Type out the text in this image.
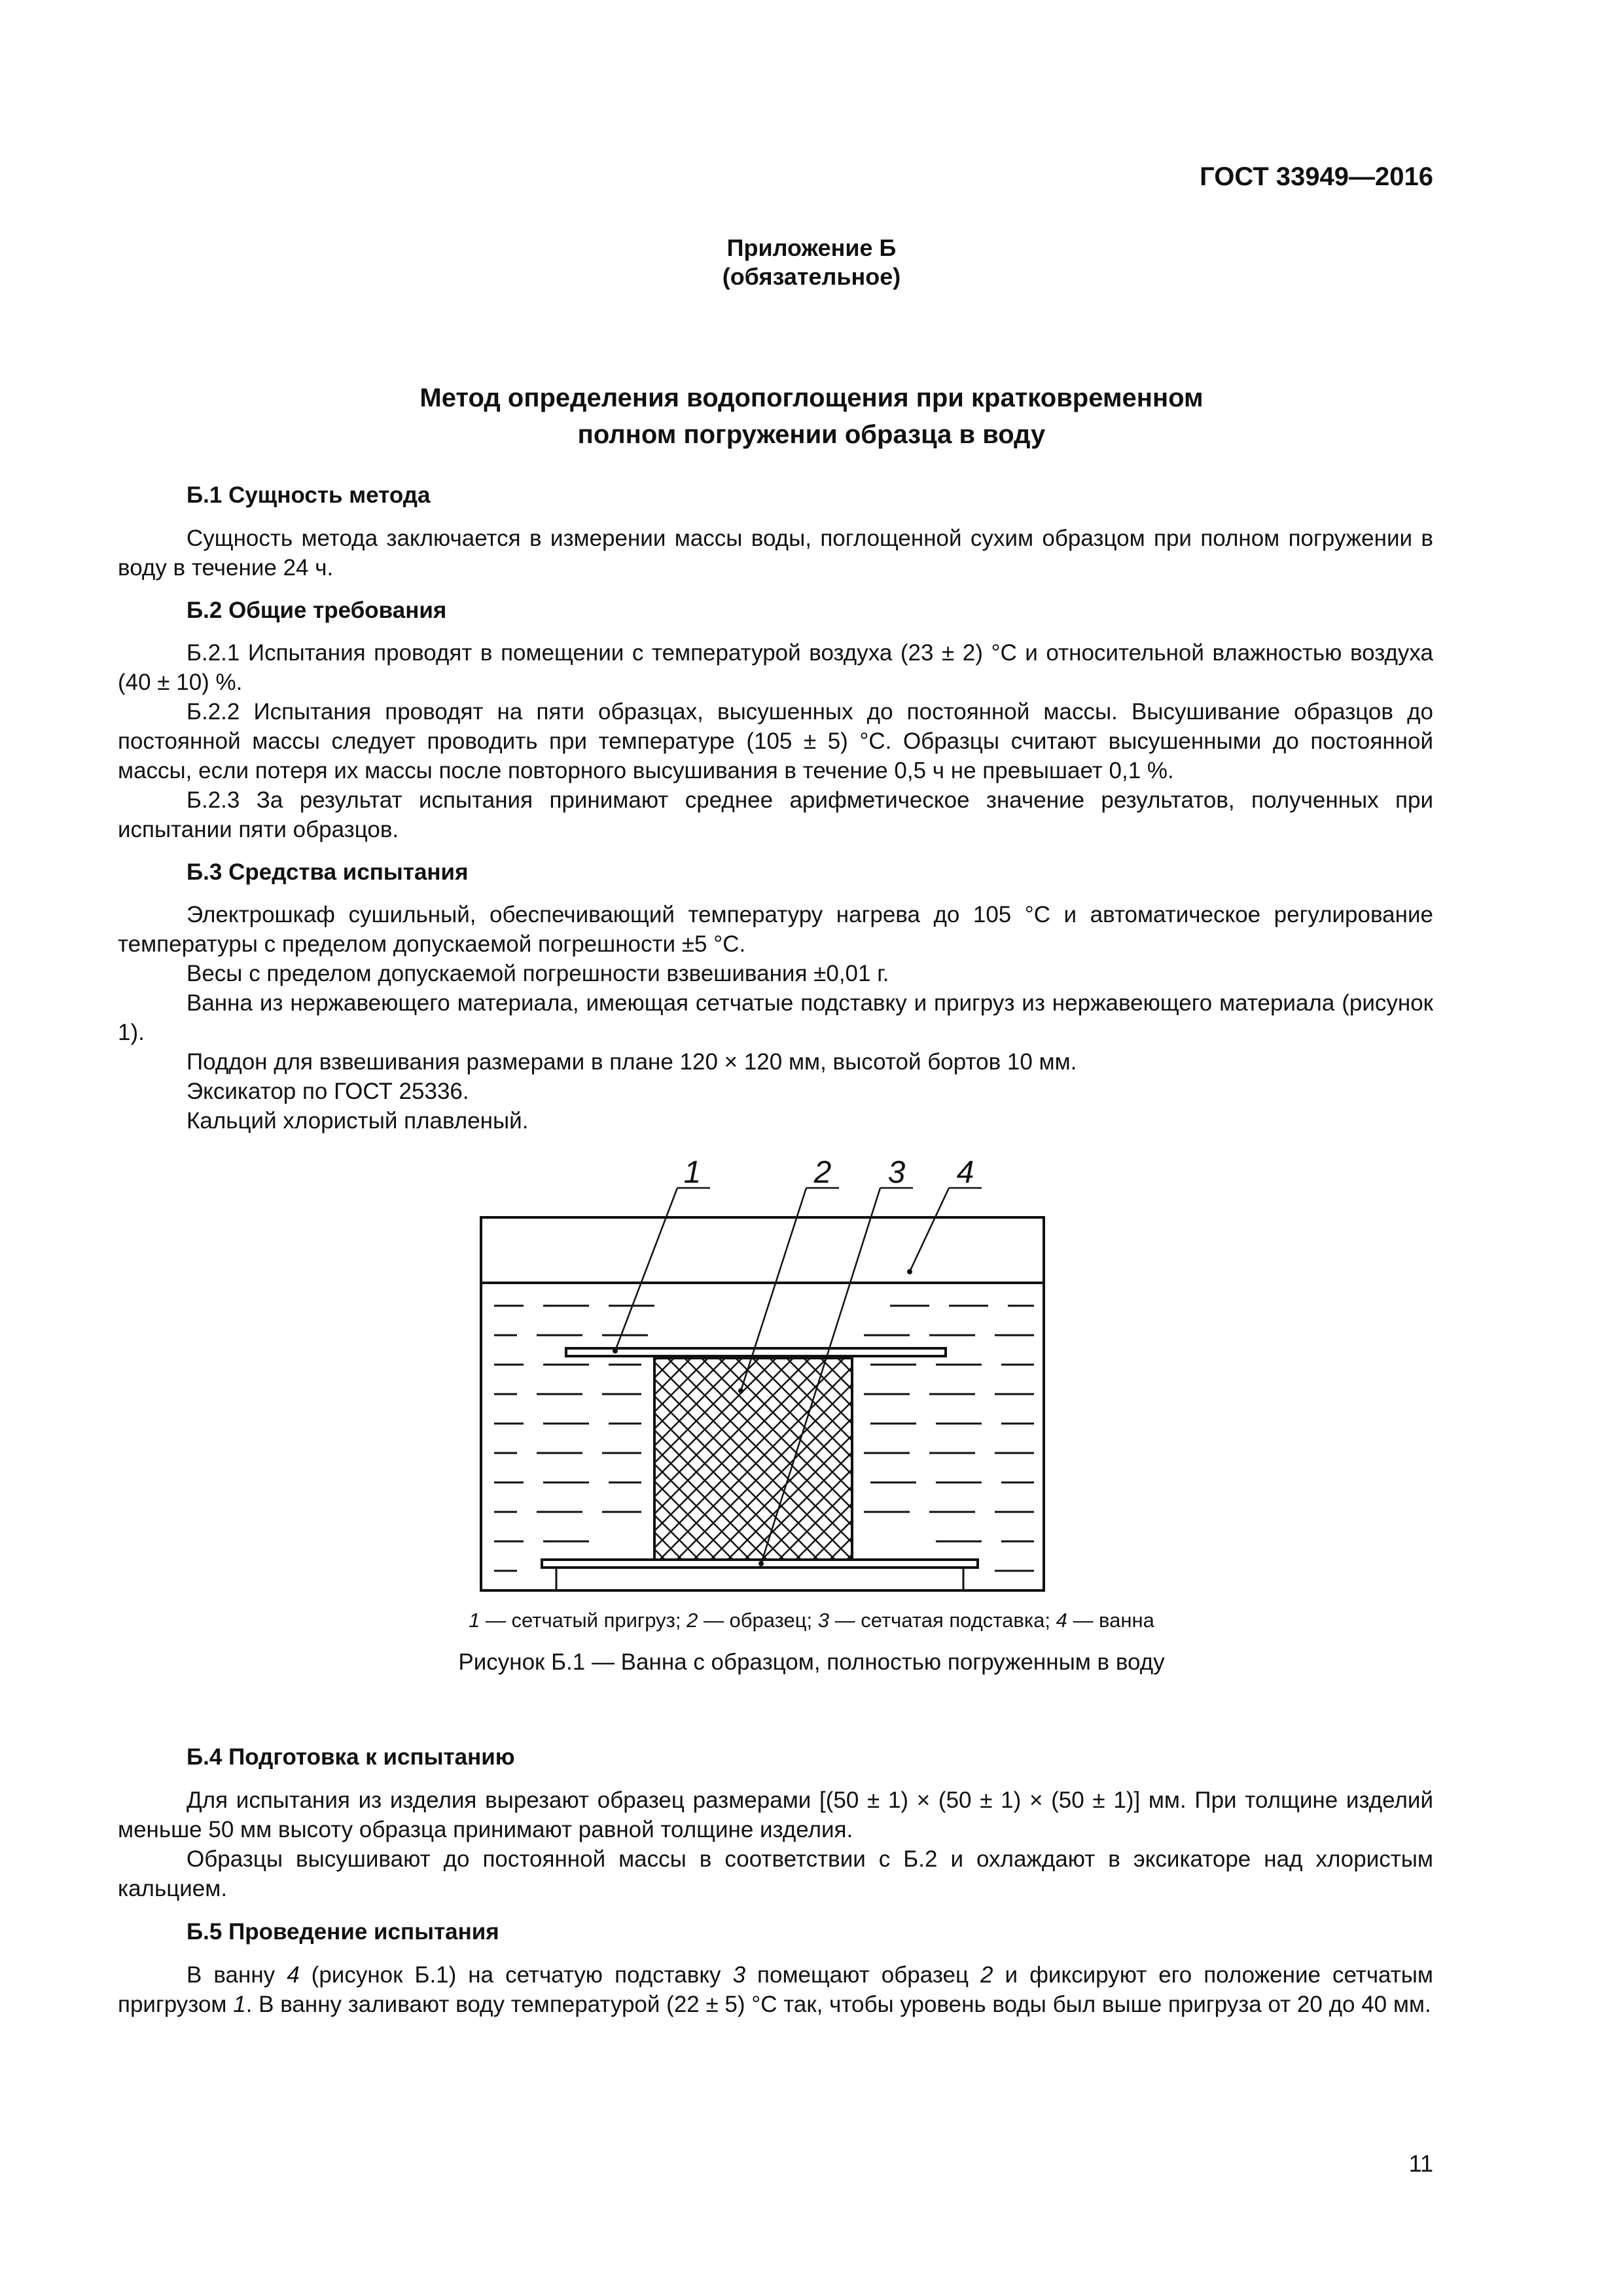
ГОСТ 33949—2016
Приложение Б
(обязательное)
Метод определения водопоглощения при кратковременном
полном погружении образца в воду
Б.1 Сущность метода
Сущность метода заключается в измерении массы воды, поглощенной сухим образцом при полном погружении в воду в течение 24 ч.
Б.2 Общие требования
Б.2.1 Испытания проводят в помещении с температурой воздуха (23 ± 2) °С и относительной влажностью воздуха (40 ± 10) %.
Б.2.2 Испытания проводят на пяти образцах, высушенных до постоянной массы. Высушивание образцов до постоянной массы следует проводить при температуре (105 ± 5) °С. Образцы считают высушенными до постоянной массы, если потеря их массы после повторного высушивания в течение 0,5 ч не превышает 0,1 %.
Б.2.3 За результат испытания принимают среднее арифметическое значение результатов, полученных при испытании пяти образцов.
Б.3 Средства испытания
Электрошкаф сушильный, обеспечивающий температуру нагрева до 105 °С и автоматическое регулирование температуры с пределом допускаемой погрешности ±5 °С.
Весы с пределом допускаемой погрешности взвешивания ±0,01 г.
Ванна из нержавеющего материала, имеющая сетчатые подставку и пригруз из нержавеющего материала (рисунок 1).
Поддон для взвешивания размерами в плане 120 × 120 мм, высотой бортов 10 мм.
Эксикатор по ГОСТ 25336.
Кальций хлористый плавленый.
1	2 3 4
1 — сетчатый пригруз; 2 — образец; 3 — сетчатая подставка; 4 — ванна
Рисунок Б.1 — Ванна с образцом, полностью погруженным в воду
Б.4 Подготовка к испытанию
Для испытания из изделия вырезают образец размерами [(50 ± 1) × (50 ± 1) × (50 ± 1)] мм. При толщине изделий меньше 50 мм высоту образца принимают равной толщине изделия.
Образцы высушивают до постоянной массы в соответствии с Б.2 и охлаждают в эксикаторе над хлористым кальцием.
Б.5 Проведение испытания
В ванну 4 (рисунок Б.1) на сетчатую подставку 3 помещают образец 2 и фиксируют его положение сетчатым пригрузом 1. В ванну заливают воду температурой (22 ± 5) °С так, чтобы уровень воды был выше пригруза от 20 до 40 мм.
11
